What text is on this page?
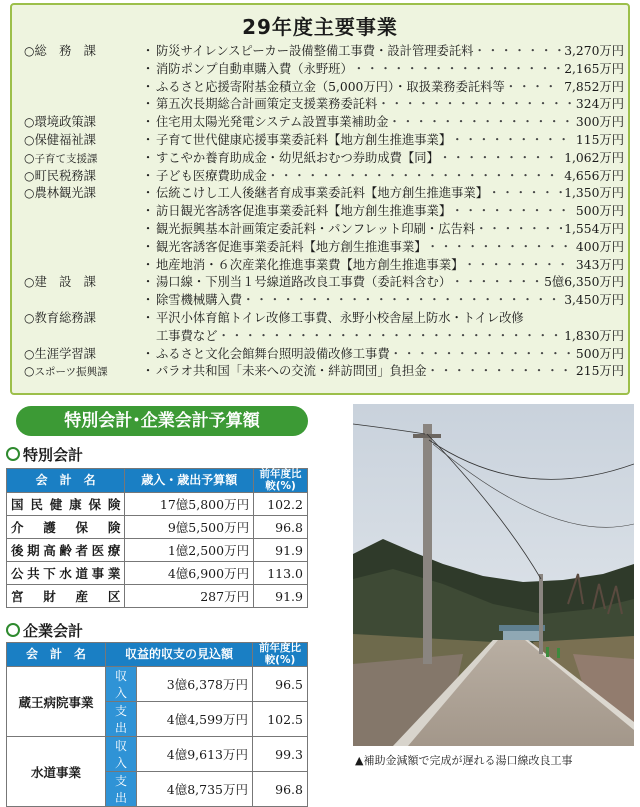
29年度主要事業
○総　務　課	・ 防災サイレンスピーカー設備整備工事費・設計管理委託料 ・・・・・・・・・・・・・・・・・・・・・・・・・・・・・・・・・・・・・・・・・・・・・・・・・・・・・・・・・・・・・・	3,270万円
・ 消防ポンプ自動車購入費（永野班） ・・・・・・・・・・・・・・・・・・・・・・・・・・・・・・・・・・・・・・・・・・・・・・・・・・・・・・・・・・・・・・	2,165万円
・ ふるさと応援寄附基金積立金（5,000万円）・取扱業務委託料等 ・・・・・・・・・・・・・・・・・・・・・・・・・・・・・・・・・・・・・・・・・・・・・・・・・・・・・・・・・・・・・・	7,852万円
・ 第五次長期総合計画策定支援業務委託料 ・・・・・・・・・・・・・・・・・・・・・・・・・・・・・・・・・・・・・・・・・・・・・・・・・・・・・・・・・・・・・・	324万円
○環境政策課	・ 住宅用太陽光発電システム設置事業補助金 ・・・・・・・・・・・・・・・・・・・・・・・・・・・・・・・・・・・・・・・・・・・・・・・・・・・・・・・・・・・・・・	300万円
○保健福祉課	・ 子育て世代健康応援事業委託料【地方創生推進事業】 ・・・・・・・・・・・・・・・・・・・・・・・・・・・・・・・・・・・・・・・・・・・・・・・・・・・・・・・・・・・・・・	115万円
○子育て支援課	・ すこやか養育助成金・幼児紙おむつ券助成費【同】 ・・・・・・・・・・・・・・・・・・・・・・・・・・・・・・・・・・・・・・・・・・・・・・・・・・・・・・・・・・・・・・	1,062万円
○町民税務課	・ 子ども医療費助成金 ・・・・・・・・・・・・・・・・・・・・・・・・・・・・・・・・・・・・・・・・・・・・・・・・・・・・・・・・・・・・・・	4,656万円
○農林観光課	・ 伝統こけし工人後継者育成事業委託料【地方創生推進事業】 ・・・・・・・・・・・・・・・・・・・・・・・・・・・・・・・・・・・・・・・・・・・・・・・・・・・・・・・・・・・・・・	1,350万円
・ 訪日観光客誘客促進事業委託料【地方創生推進事業】 ・・・・・・・・・・・・・・・・・・・・・・・・・・・・・・・・・・・・・・・・・・・・・・・・・・・・・・・・・・・・・・	500万円
・ 観光振興基本計画策定委託料・パンフレット印刷・広告料 ・・・・・・・・・・・・・・・・・・・・・・・・・・・・・・・・・・・・・・・・・・・・・・・・・・・・・・・・・・・・・・	1,554万円
・ 観光客誘客促進事業委託料【地方創生推進事業】 ・・・・・・・・・・・・・・・・・・・・・・・・・・・・・・・・・・・・・・・・・・・・・・・・・・・・・・・・・・・・・・	400万円
・ 地産地消・６次産業化推進事業費【地方創生推進事業】 ・・・・・・・・・・・・・・・・・・・・・・・・・・・・・・・・・・・・・・・・・・・・・・・・・・・・・・・・・・・・・・	343万円
○建　設　課	・ 湯口線・下別当１号線道路改良工事費（委託料含む） ・・・・・・・・・・・・・・・・・・・・・・・・・・・・・・・・・・・・・・・・・・・・・・・・・・・・・・・・・・・・・・	5億6,350万円
・ 除雪機械購入費 ・・・・・・・・・・・・・・・・・・・・・・・・・・・・・・・・・・・・・・・・・・・・・・・・・・・・・・・・・・・・・・	3,450万円
○教育総務課	・ 平沢小体育館トイレ改修工事費、永野小校舎屋上防水・トイレ改修
工事費など ・・・・・・・・・・・・・・・・・・・・・・・・・・・・・・・・・・・・・・・・・・・・・・・・・・・・・・・・・・・・・・	1,830万円
○生涯学習課	・ ふるさと文化会館舞台照明設備改修工事費 ・・・・・・・・・・・・・・・・・・・・・・・・・・・・・・・・・・・・・・・・・・・・・・・・・・・・・・・・・・・・・・	500万円
○スポーツ振興課	・ パラオ共和国「未来への交流・絆訪問団」負担金 ・・・・・・・・・・・・・・・・・・・・・・・・・・・・・・・・・・・・・・・・・・・・・・・・・・・・・・・・・・・・・・	215万円
特別会計･企業会計予算額
特別会計
会　計　名	歳入・歳出予算額	前年度比較(%)
国民健康保険	17億5,800万円	102.2
介護保険	9億5,500万円	96.8
後期高齢者医療	1億2,500万円	91.9
公共下水道事業	4億6,900万円	113.0
宮財産区	287万円	91.9
企業会計
会　計　名	収益的収支の見込額		前年度比較(%)
蔵王病院事業	収入	3億6,378万円	96.5
	支出	4億4,599万円	102.5
水道事業	収入	4億9,613万円	99.3
	支出	4億8,735万円	96.8
▲補助金減額で完成が遅れる湯口線改良工事
